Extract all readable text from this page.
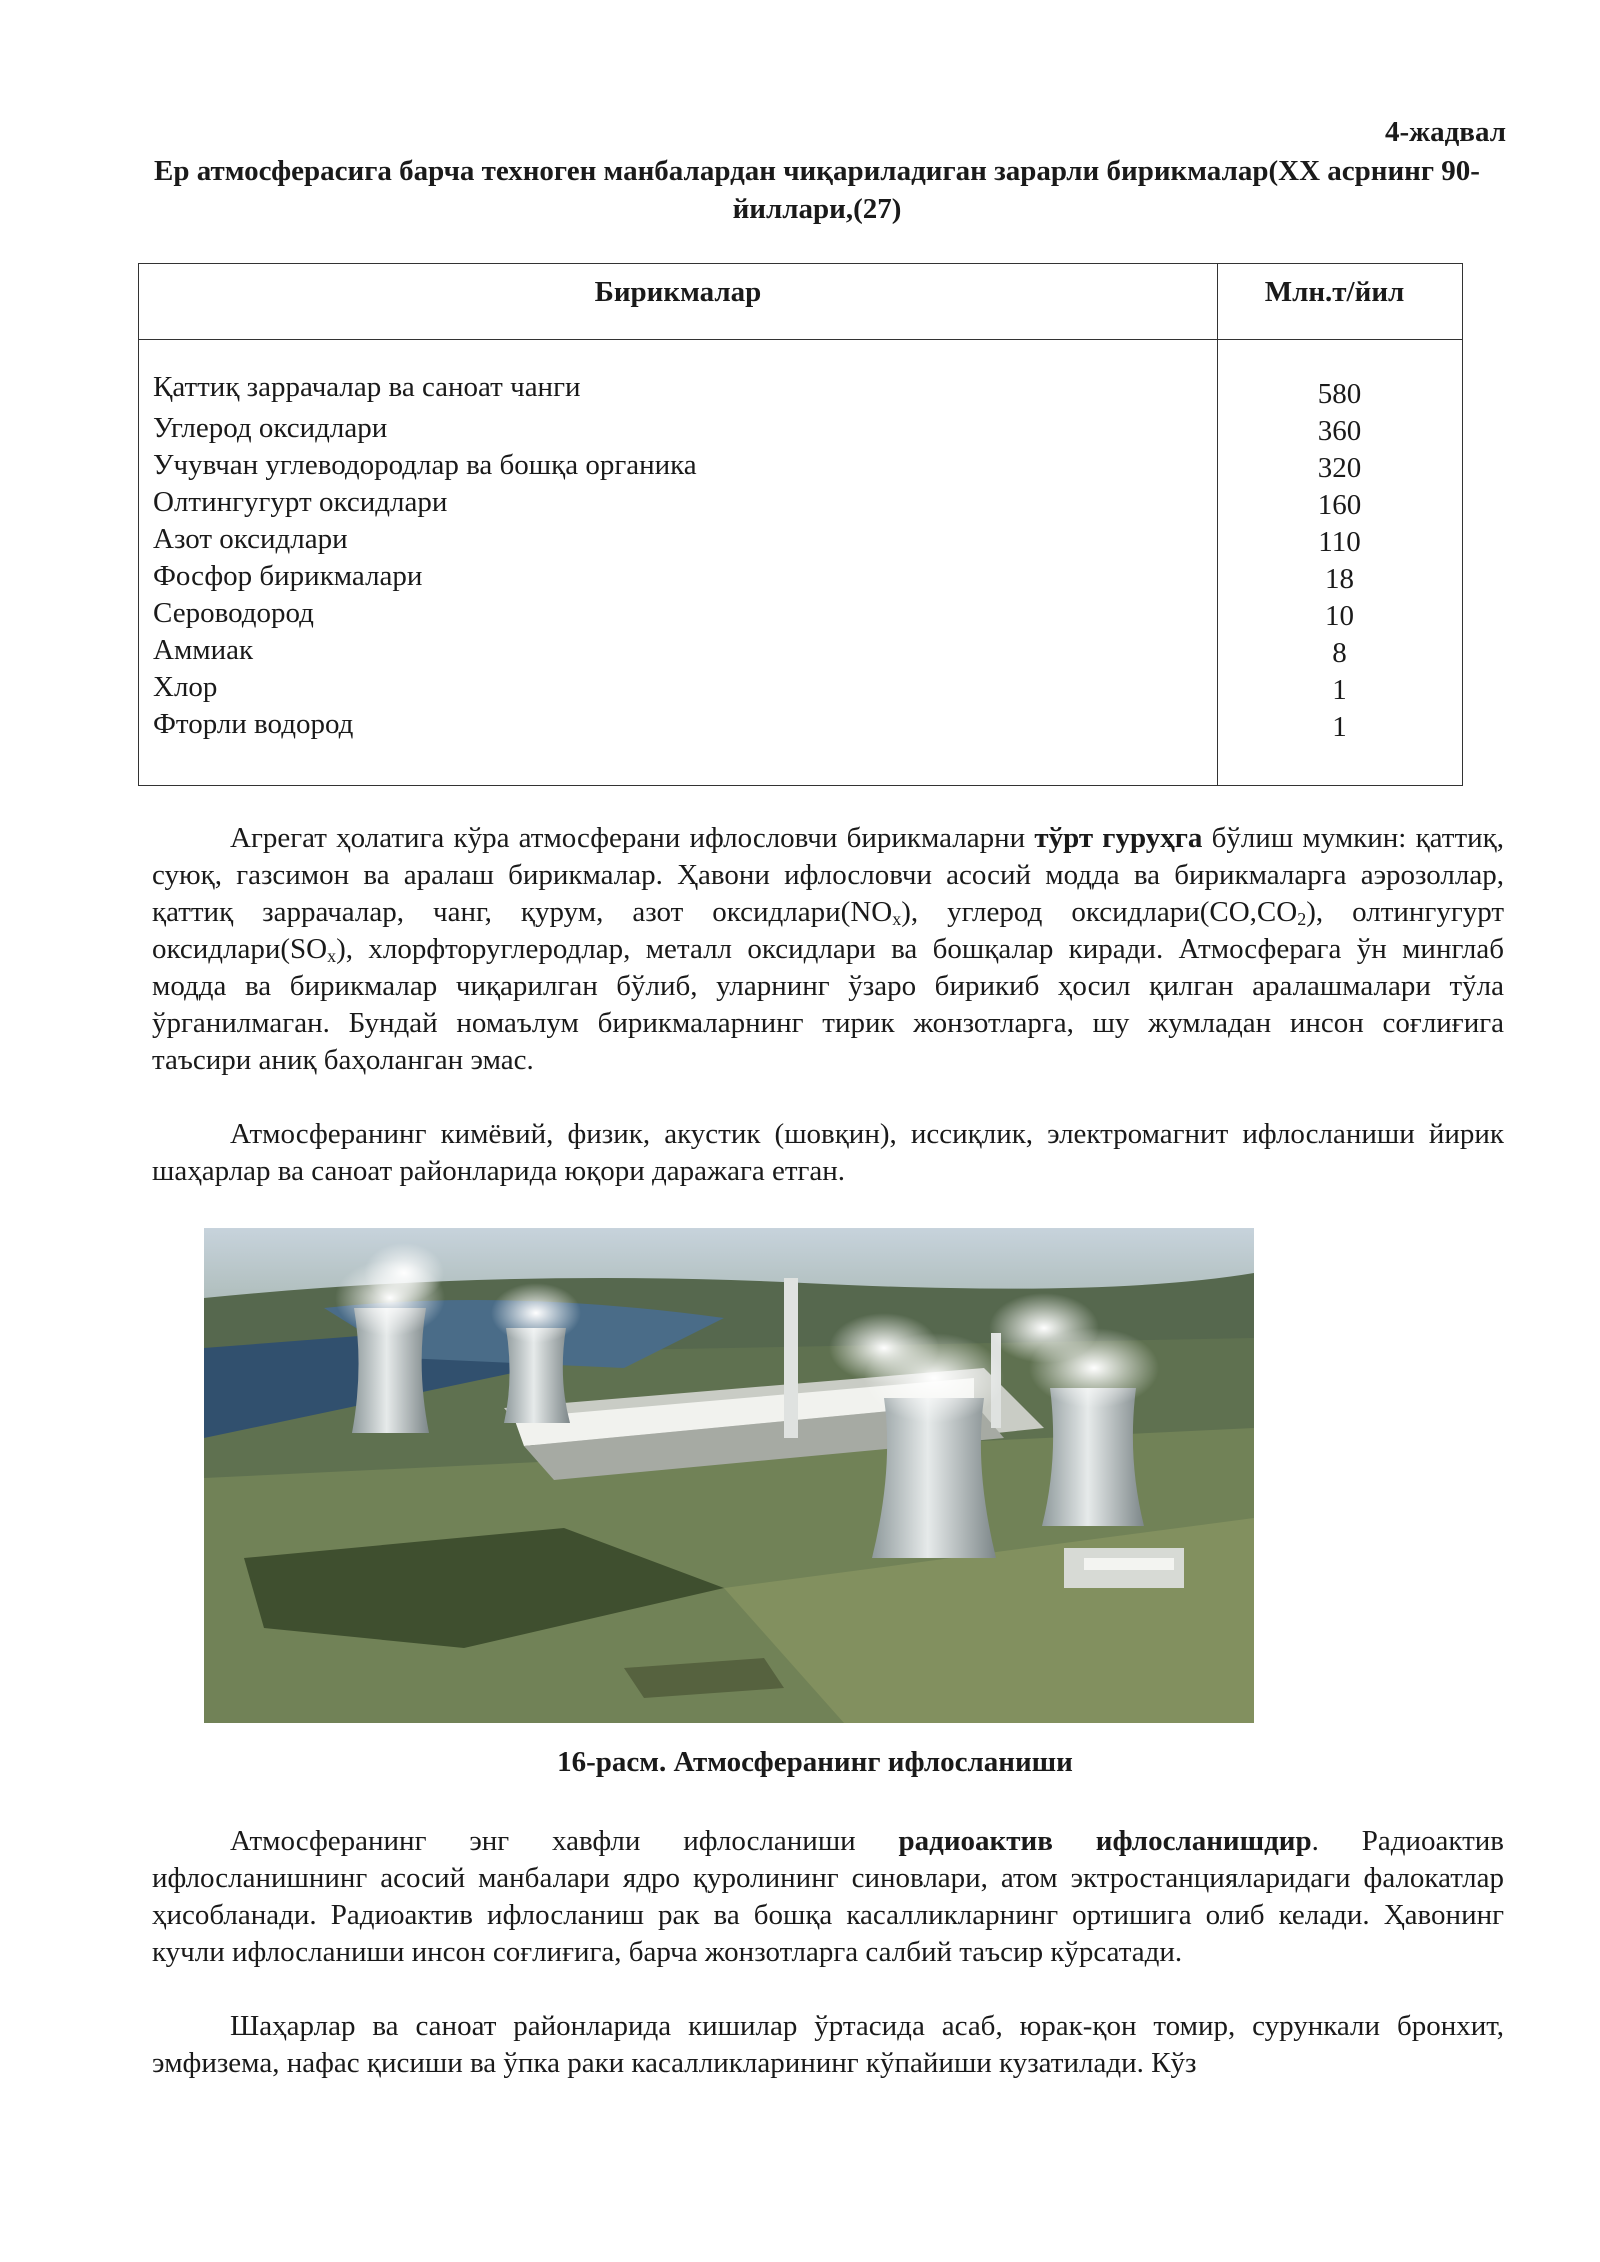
4-жадвал
Ер атмосферасига барча техноген манбалардан чиқариладиган зарарли бирикмалар(XX асрнинг 90-йиллари,(27)
Бирикмалар	Млн.т/йил
Қаттиқ заррачалар ва саноат чанги
Углерод оксидлари
Учувчан углеводородлар ва бошқа органика
Олтингугурт оксидлари
Азот оксидлари
Фосфор бирикмалари
Сероводород
Аммиак
Хлор
Фторли водород
580
360
320
160
110
18
10
8
1
1
Агрегат ҳолатига кўра атмосферани ифлословчи бирикмаларни тўрт гуруҳга бўлиш мумкин: қаттиқ, суюқ, газсимон ва аралаш бирикмалар. Ҳавони ифлословчи асосий модда ва бирикмаларга аэрозоллар, қаттиқ заррачалар, чанг, қурум, азот $оксидлари(NO_x)$, углерод $оксидлари(CO,CO_2)$, олтингугурт $оксидлари(SO_x)$, хлорфторуглеродлар, металл оксидлари ва бошқалар киради. Атмосферага ўн минглаб модда ва бирикмалар чиқарилган бўлиб, уларнинг ўзаро бирикиб ҳосил қилган аралашмалари тўла ўрганилмаган. Бундай номаълум бирикмаларнинг тирик жонзотларга, шу жумладан инсон соғлиғига таъсири аниқ баҳоланган эмас.
Атмосферанинг кимёвий, физик, акустик (шовқин), иссиқлик, электромагнит ифлосланиши йирик шаҳарлар ва саноат районларида юқори даражага етган.
16-расм. Атмосферанинг ифлосланиши
Атмосферанинг энг хавфли ифлосланиши радиоактив ифлосланишдир. Радиоактив ифлосланишнинг асосий манбалари ядро қуролининг синовлари, атом эктростанцияларидаги фалокатлар ҳисобланади. Радиоактив ифлосланиш рак ва бошқа касалликларнинг ортишига олиб келади. Ҳавонинг кучли ифлосланиши инсон соғлиғига, барча жонзотларга салбий таъсир кўрсатади.
Шаҳарлар ва саноат районларида кишилар ўртасида асаб, юрак-қон томир, сурункали бронхит, эмфизема, нафас қисиши ва ўпка раки касалликларининг кўпайиши кузатилади. Кўз
